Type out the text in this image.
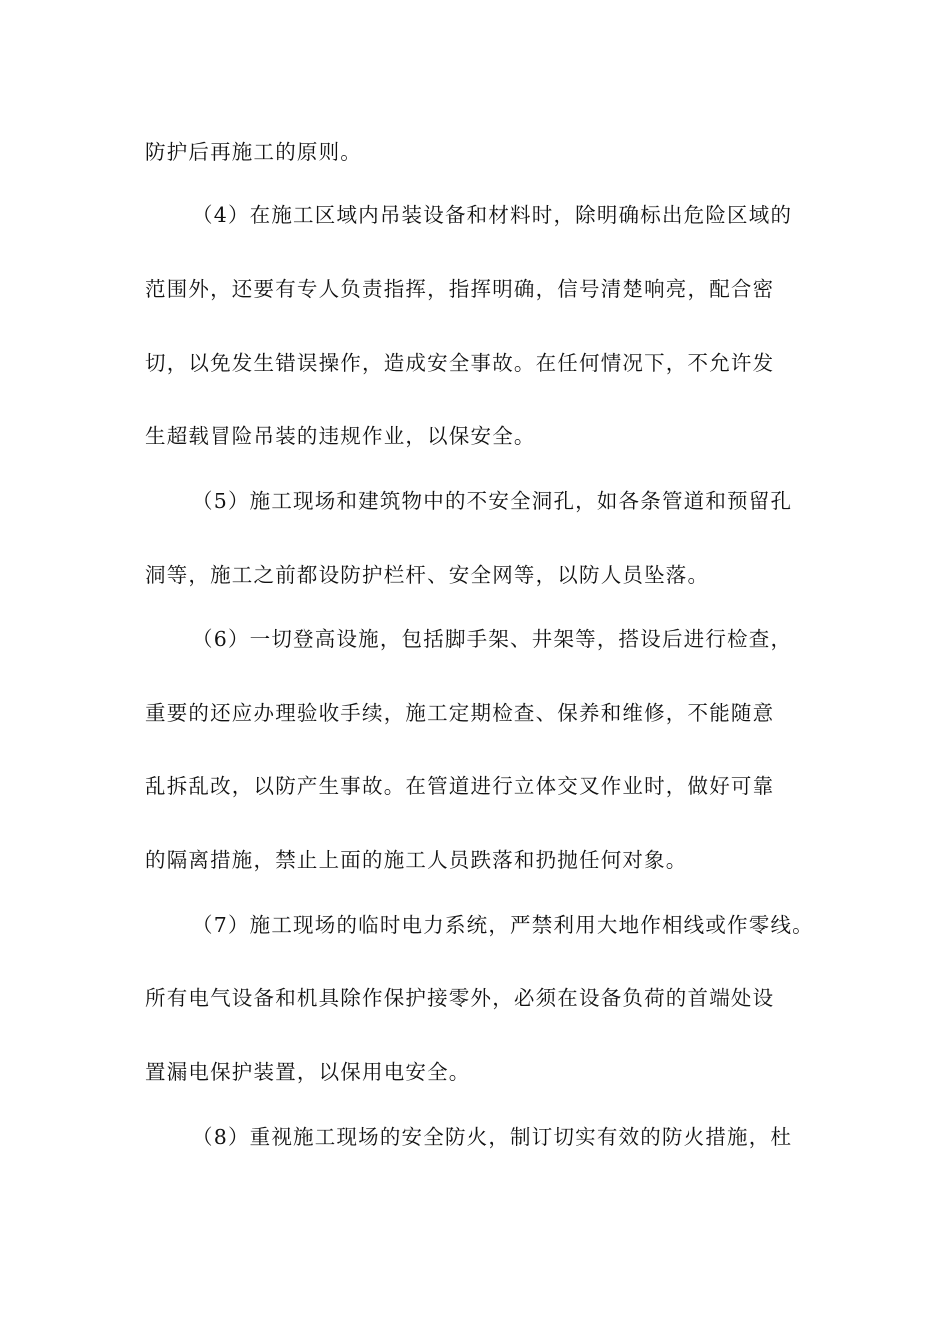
防护后再施工的原则。
（4）在施工区域内吊装设备和材料时，除明确标出危险区域的
范围外，还要有专人负责指挥，指挥明确，信号清楚响亮，配合密
切，以免发生错误操作，造成安全事故。在任何情况下，不允许发
生超载冒险吊装的违规作业，以保安全。
（5）施工现场和建筑物中的不安全洞孔，如各条管道和预留孔
洞等，施工之前都设防护栏杆、安全网等，以防人员坠落。
（6）一切登高设施，包括脚手架、井架等，搭设后进行检查，
重要的还应办理验收手续，施工定期检查、保养和维修，不能随意
乱拆乱改，以防产生事故。在管道进行立体交叉作业时，做好可靠
的隔离措施，禁止上面的施工人员跌落和扔抛任何对象。
（7）施工现场的临时电力系统，严禁利用大地作相线或作零线。
所有电气设备和机具除作保护接零外，必须在设备负荷的首端处设
置漏电保护装置，以保用电安全。
（8）重视施工现场的安全防火，制订切实有效的防火措施，杜
